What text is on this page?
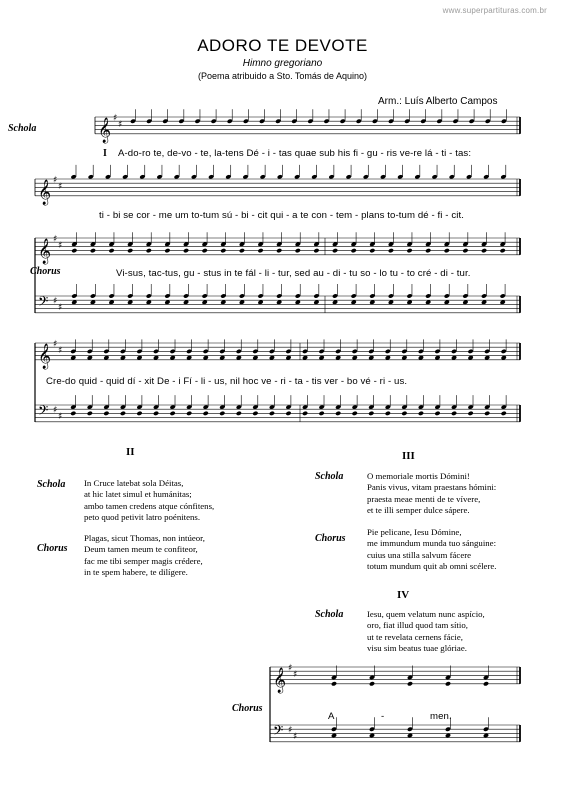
www.superpartituras.com.br
ADORO TE DEVOTE
Himno gregoriano
(Poema atribuido a Sto. Tomás de Aquino)
Arm.: Luís Alberto Campos
Schola
Chorus
I
𝄞 ♯
♯
𝄞 ♯
♯
𝄞 ♯
♯
𝄢 ♯
♯
𝄞 ♯
♯
𝄢 ♯
♯
𝄞 ♯
♯
𝄢 ♯
♯
A-do-ro te, de-vo - te, la-tens Dé - i - tas quae sub his fi - gu - ris ve-re lá - ti - tas:
ti - bi se cor - me um to-tum sú - bi - cit qui - a te con - tem - plans to-tum dé - fi - cit.
Vi-sus, tac-tus, gu - stus in te fál - li - tur, sed au - di - tu so - lo tu - to cré - di - tur.
Cre-do quid - quid dí - xit De - i Fí - li - us, nil hoc ve - ri - ta - tis ver - bo vé - ri - us.
II
Schola In Cruce latebat sola Déitas,
at hic latet simul et humánitas;
ambo tamen credens atque cónfitens,
peto quod petivit latro poénitens.
Chorus
Plagas, sicut Thomas, non intúeor,
Deum tamen meum te confiteor,
fac me tibi semper magis crédere,
in te spem habere, te dilígere.
III
Schola	O memoriale mortis Dómini!
Panis vivus, vitam praestans hómini:
praesta meae menti de te vívere,
et te illi semper dulce sápere.
Chorus
Pie pelicane, Iesu Dómine,
me immundum munda tuo sánguine:
cuius una stilla salvum fácere
totum mundum quit ab omni scélere.
IV
Schola	Iesu, quem velatum nunc aspício,
oro, fiat illud quod tam sítio,
ut te revelata cernens fácie,
visu sim beatus tuae glóriae.
Chorus
A	-	men.
